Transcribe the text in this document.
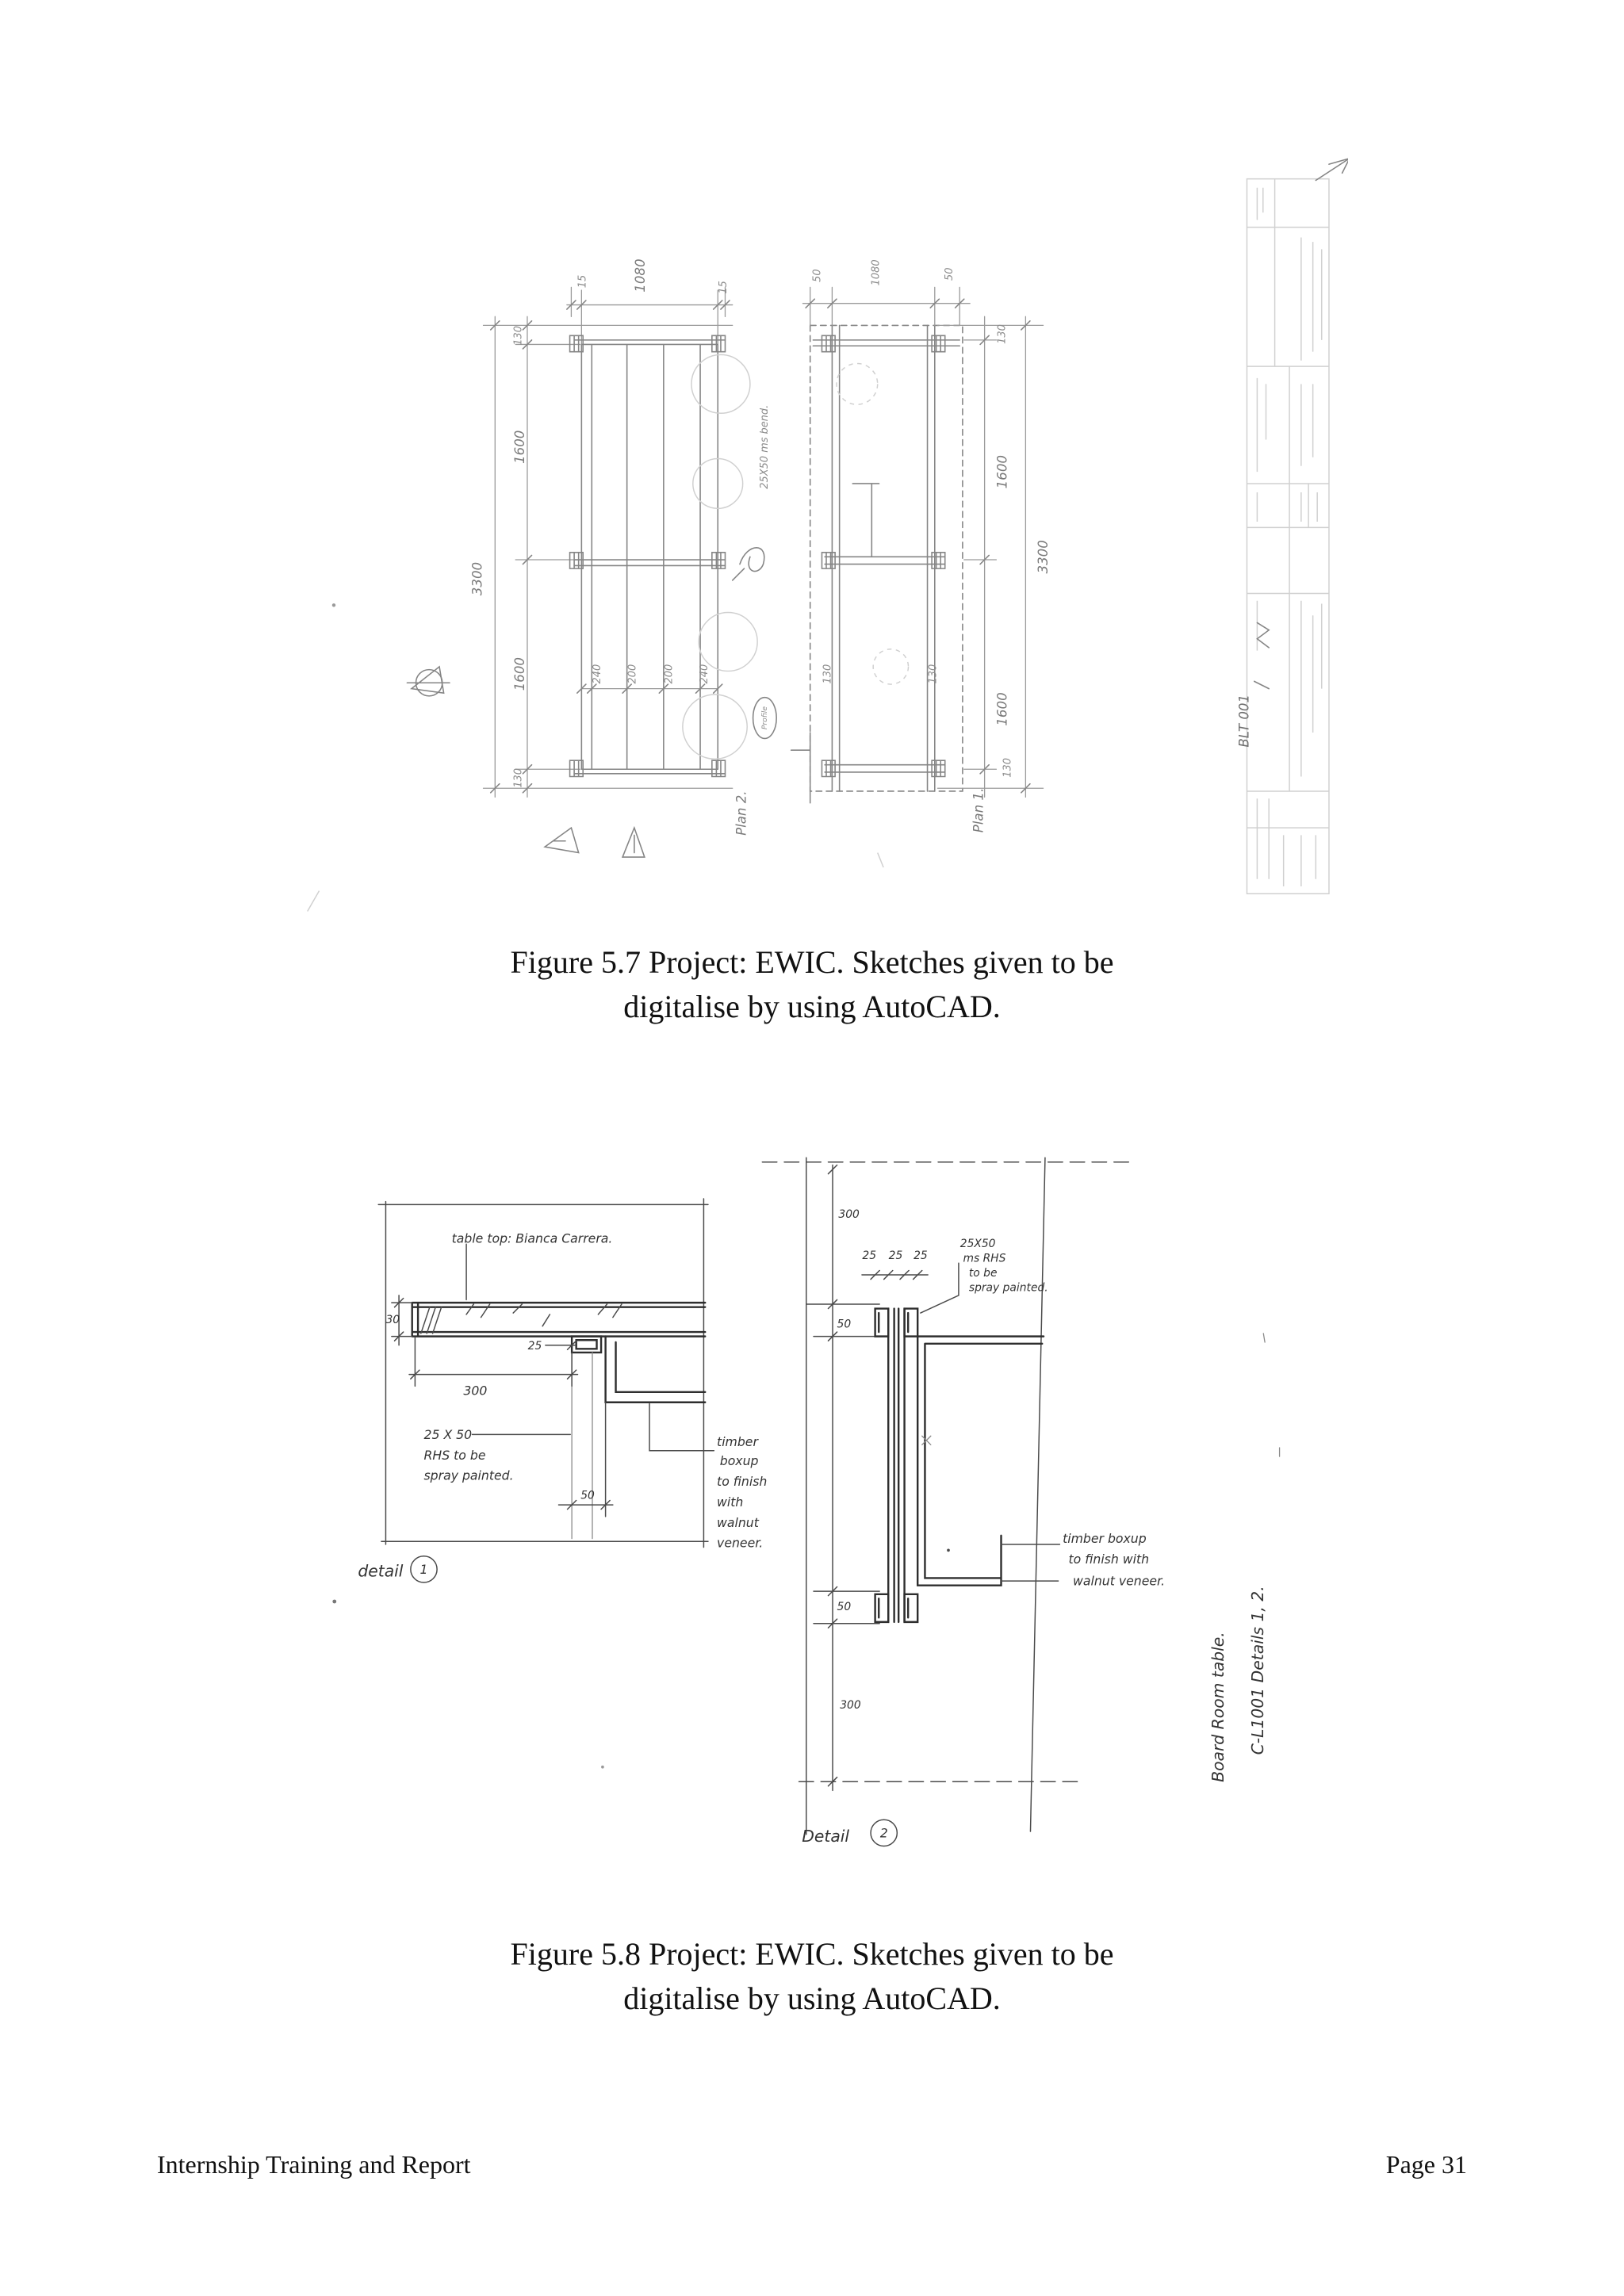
1080
15	15
130
1600
3300
1600
130
240	200	200	240
Plan 2.
25X50 ms bend.
Profile
50	1080	50
130
1600
3300
1600
130
130	130
Plan 1.
BLT 001
Figure 5.7 Project: EWIC. Sketches given to be
digitalise by using AutoCAD.
table top: Bianca Carrera.
30
25
300
25 X 50
RHS to be
spray painted.
timber
boxup
to finish
with
walnut
veneer.
50
detail 1
300
25 25 25
25X50
ms RHS
to be
spray painted.
50
timber boxup
to finish with
walnut veneer.
50
300
Detail	2
Board Room table. C-L1001 Details 1, 2.
Figure 5.8 Project: EWIC. Sketches given to be
digitalise by using AutoCAD.
Internship Training and Report	Page 31
